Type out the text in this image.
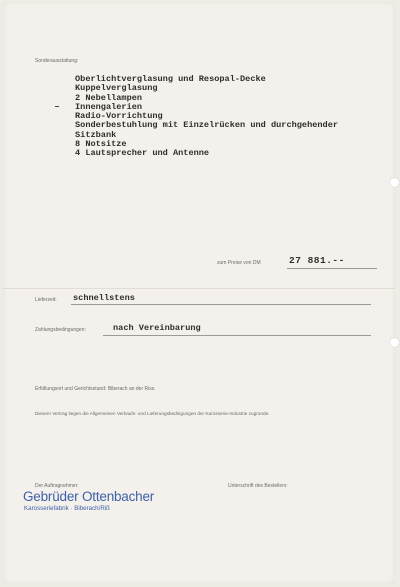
Sonderausstattung:
Oberlichtverglasung und Resopal-Decke
Kuppelverglasung
2 Nebellampen
Innengalerien
Radio-Vorrichtung
Sonderbestuhlung mit Einzelrücken und durchgehender
Sitzbank
8 Notsitze
4 Lautsprecher und Antenne
zum Preise von DM	27 881.--
Lieferzeit: schnellstens
Zahlungsbedingungen:	nach Vereinbarung
Erfüllungsort und Gerichtsstand: Biberach an der Riss.
Diesem Vertrag liegen die Allgemeinen Verkaufs- und Lieferungsbedingungen der Karosserie-Industrie zugrunde.
Der Auftragnehmer:	Unterschrift des Bestellers:
Gebrüder Ottenbacher
Karosseriefabrik · Biberach/Riß
